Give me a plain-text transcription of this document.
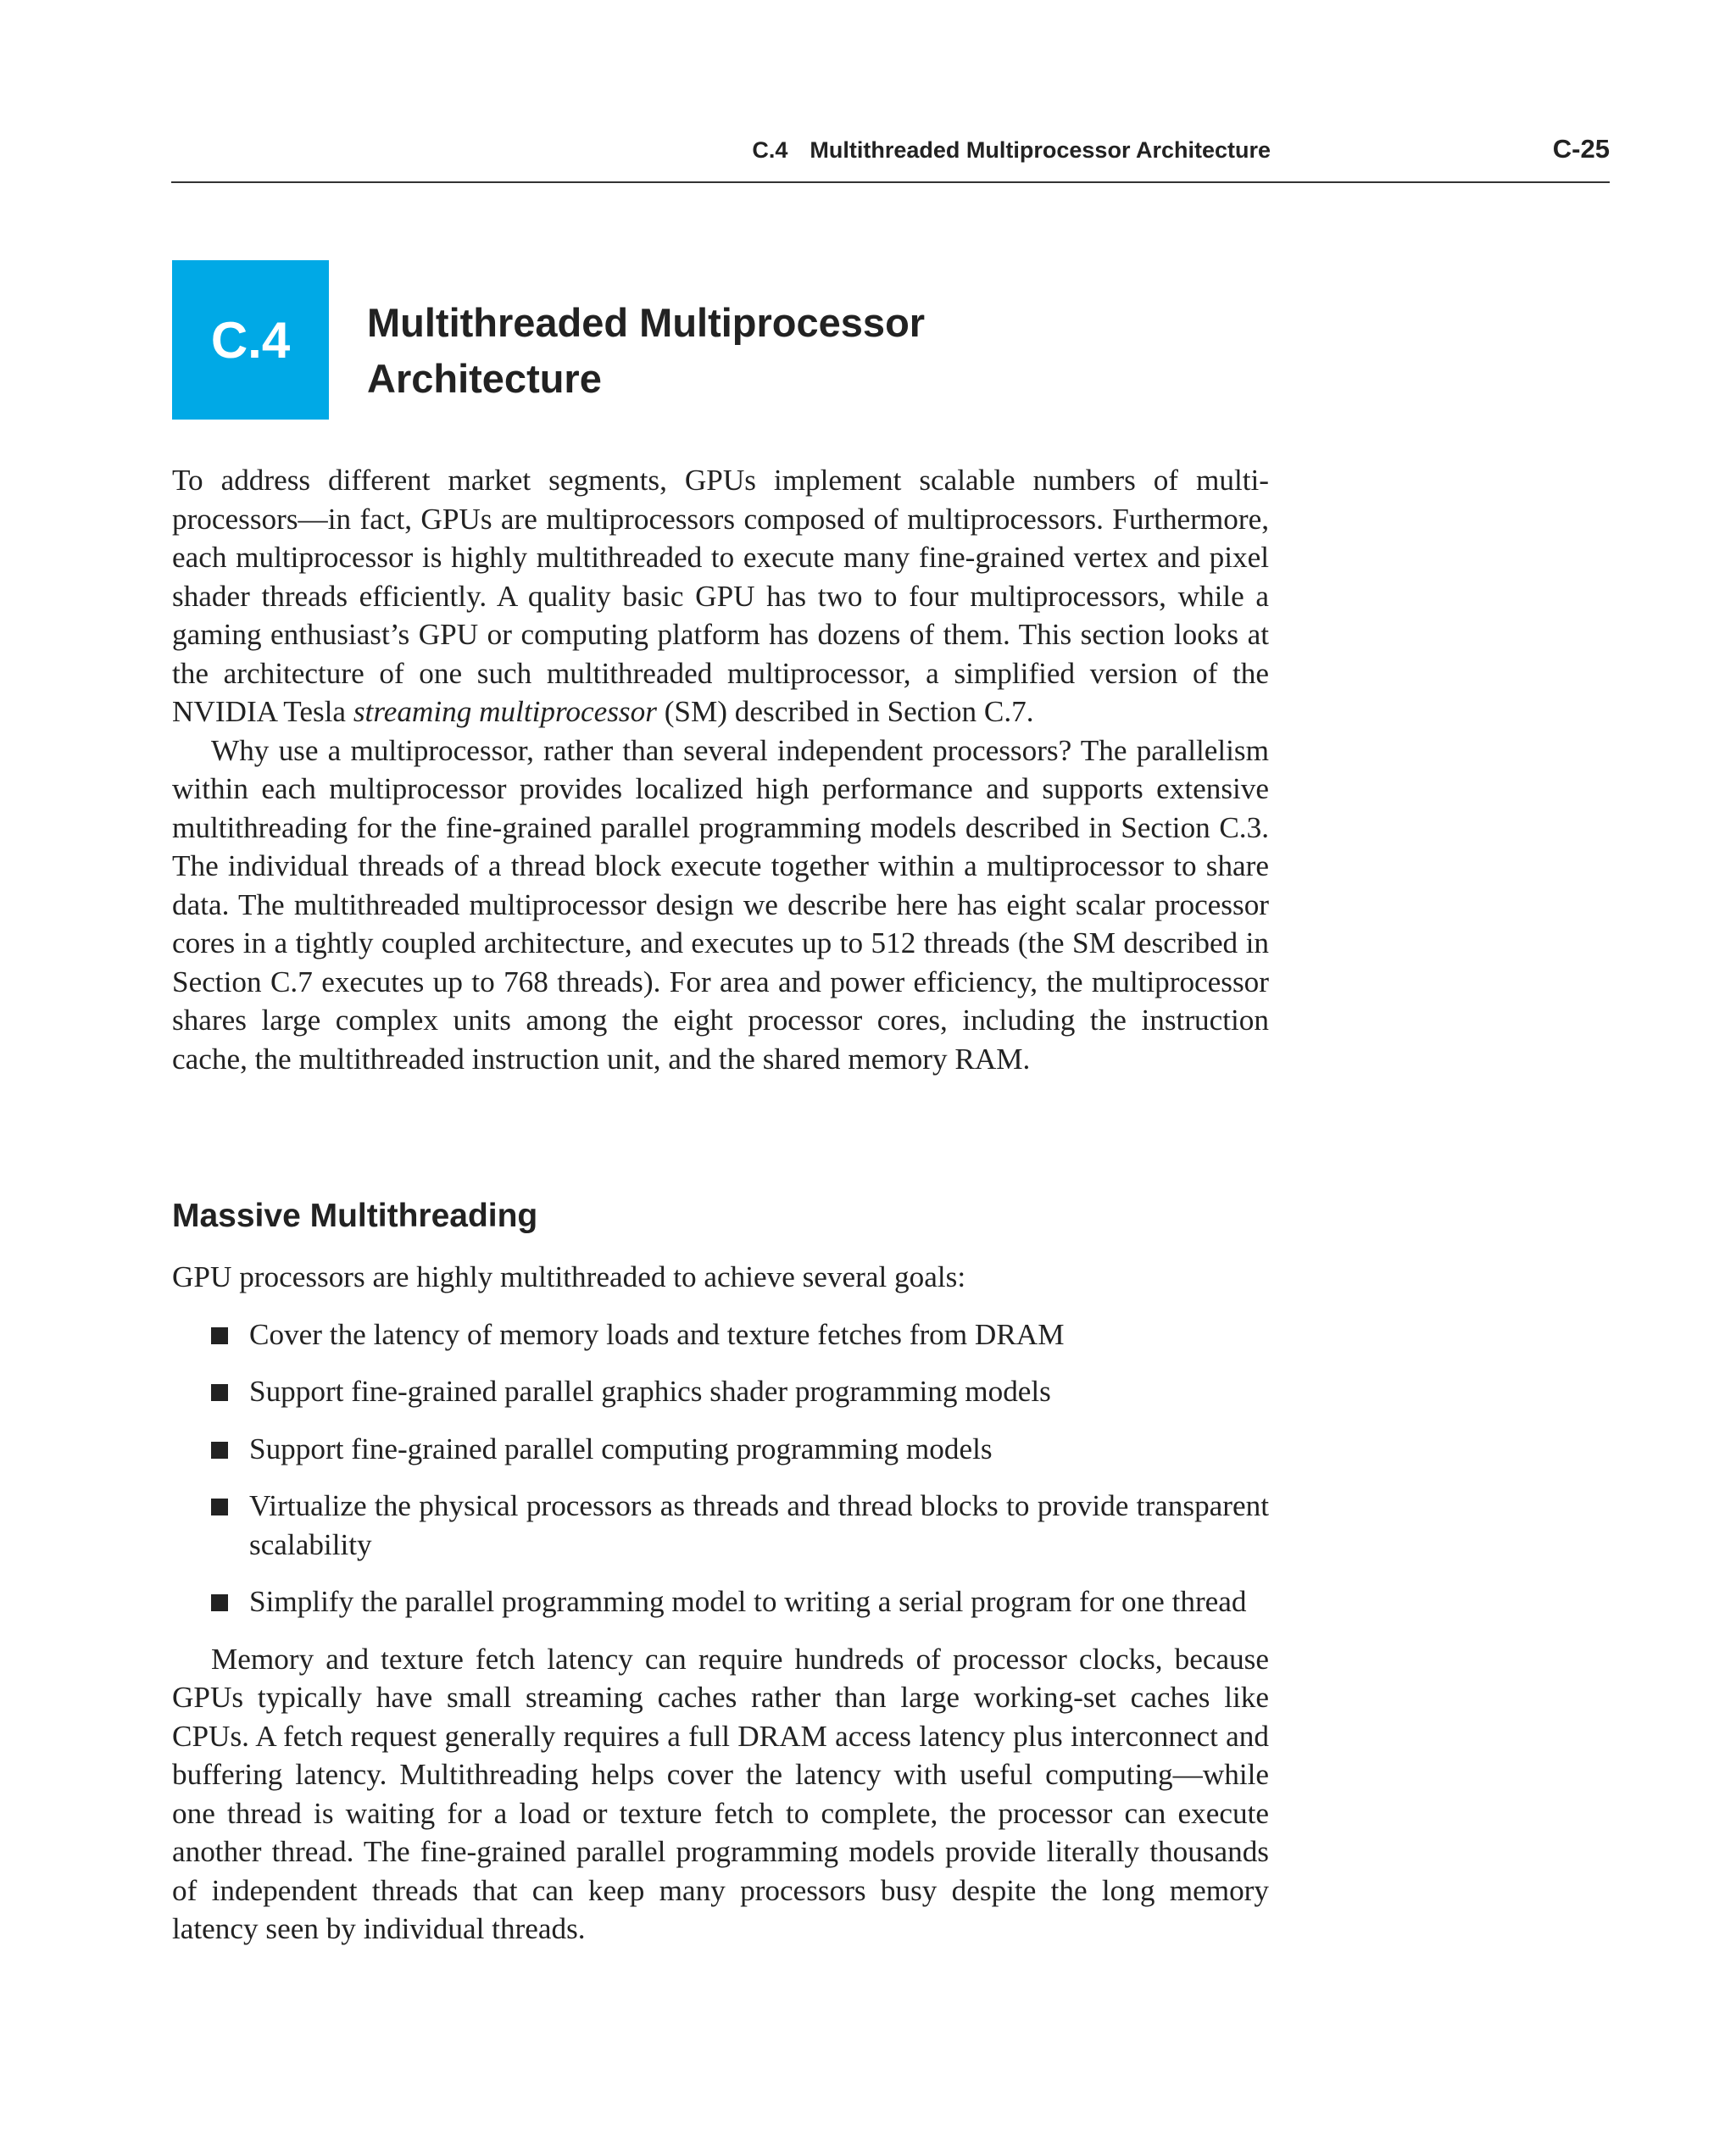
C.4 Multithreaded Multiprocessor Architecture	C-25
C.4	Multithreaded Multiprocessor
Architecture

To address different market segments, GPUs implement scalable numbers of multiprocessors—in fact, GPUs are multiprocessors composed of multiprocessors. Furthermore, each multiprocessor is highly multithreaded to execute many fine-grained vertex and pixel shader threads efficiently. A quality basic GPU has two to four multiprocessors, while a gaming enthusiast’s GPU or computing platform has dozens of them. This section looks at the architecture of one such multithreaded multiprocessor, a simplified version of the NVIDIA Tesla streaming multiprocessor (SM) described in Section C.7.

Why use a multiprocessor, rather than several independent processors? The parallelism within each multiprocessor provides localized high performance and supports extensive multithreading for the fine-grained parallel programming models described in Section C.3. The individual threads of a thread block execute together within a multiprocessor to share data. The multithreaded multiprocessor design we describe here has eight scalar processor cores in a tightly coupled architecture, and executes up to 512 threads (the SM described in Section C.7 executes up to 768 threads). For area and power efficiency, the multiprocessor shares large complex units among the eight processor cores, including the instruction cache, the multithreaded instruction unit, and the shared memory RAM.

Massive Multithreading

GPU processors are highly multithreaded to achieve several goals:

Cover the latency of memory loads and texture fetches from DRAM
Support fine-grained parallel graphics shader programming models
Support fine-grained parallel computing programming models
Virtualize the physical processors as threads and thread blocks to provide transparent scalability
Simplify the parallel programming model to writing a serial program for one thread

Memory and texture fetch latency can require hundreds of processor clocks, because GPUs typically have small streaming caches rather than large working-set caches like CPUs. A fetch request generally requires a full DRAM access latency plus interconnect and buffering latency. Multithreading helps cover the latency with useful computing—while one thread is waiting for a load or texture fetch to complete, the processor can execute another thread. The fine-grained parallel programming models provide literally thousands of independent threads that can keep many processors busy despite the long memory latency seen by individual threads.
